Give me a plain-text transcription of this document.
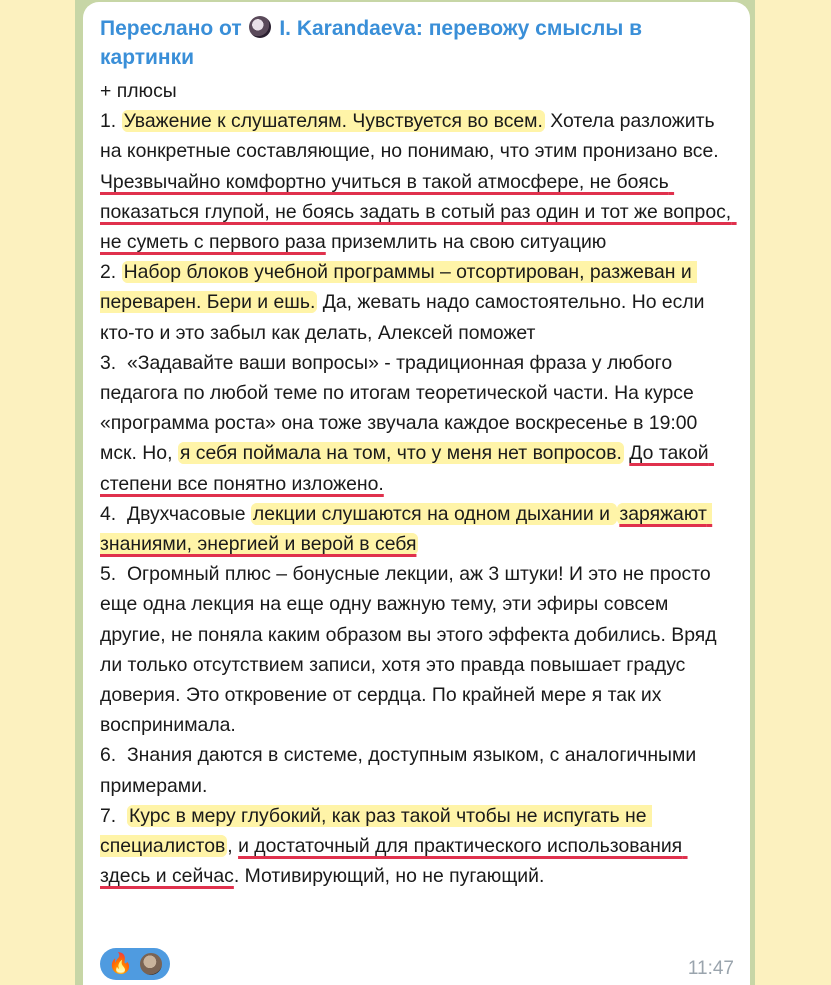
Переслано от I. Karandaeva: перевожу смыслы в картинки
+ плюсы
1. Уважение к слушателям. Чувствуется во всем. Хотела разложить на конкретные составляющие, но понимаю, что этим пронизано все. Чрезвычайно комфортно учиться в такой атмосфере, не боясь показаться глупой, не боясь задать в сотый раз один и тот же вопрос, не суметь с первого раза приземлить на свою ситуацию
2. Набор блоков учебной программы – отсортирован, разжеван и переварен. Бери и ешь. Да, жевать надо самостоятельно. Но если кто-то и это забыл как делать, Алексей поможет
3.  «Задавайте ваши вопросы» - традиционная фраза у любого педагога по любой теме по итогам теоретической части. На курсе «программа роста» она тоже звучала каждое воскресенье в 19:00 мск. Но, я себя поймала на том, что у меня нет вопросов. До такой степени все понятно изложено.
4.  Двухчасовые лекции слушаются на одном дыхании и заряжают знаниями, энергией и верой в себя
5.  Огромный плюс – бонусные лекции, аж 3 штуки! И это не просто еще одна лекция на еще одну важную тему, эти эфиры совсем другие, не поняла каким образом вы этого эффекта добились. Вряд ли только отсутствием записи, хотя это правда повышает градус доверия. Это откровение от сердца. По крайней мере я так их воспринимала.
6.  Знания даются в системе, доступным языком, с аналогичными примерами.
7.  Курс в меру глубокий, как раз такой чтобы не испугать не специалистов , и достаточный для практического использования здесь и сейчас. Мотивирующий, но не пугающий.
🔥	11:47
